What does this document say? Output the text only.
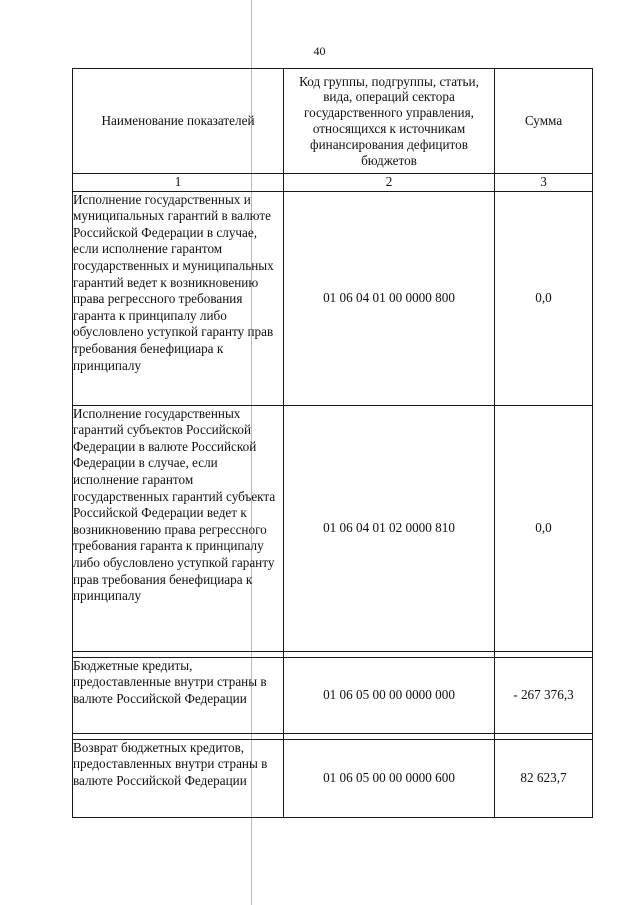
40
Наименование показателей	Код группы, подгруппы, статьи, вида, операций сектора государственного управления, относящихся к источникам финансирования дефицитов бюджетов	Сумма
1	2	3
Исполнение государственных и муниципальных гарантий в валюте Российской Федерации в случае, если исполнение гарантом государственных и муниципальных гарантий ведет к возникновению права регрессного требования гаранта к принципалу либо обусловлено уступкой гаранту прав требования бенефициара к принципалу	01 06 04 01 00 0000 800	0,0
Исполнение государственных гарантий субъектов Российской Федерации в валюте Российской Федерации в случае, если исполнение гарантом государственных гарантий субъекта Российской Федерации ведет к возникновению права регрессного требования гаранта к принципалу либо обусловлено уступкой гаранту прав требования бенефициара к принципалу	01 06 04 01 02 0000 810	0,0

Бюджетные кредиты, предоставленные внутри страны в валюте Российской Федерации	01 06 05 00 00 0000 000	- 267 376,3

Возврат бюджетных кредитов, предоставленных внутри страны в валюте Российской Федерации	01 06 05 00 00 0000 600	82 623,7
